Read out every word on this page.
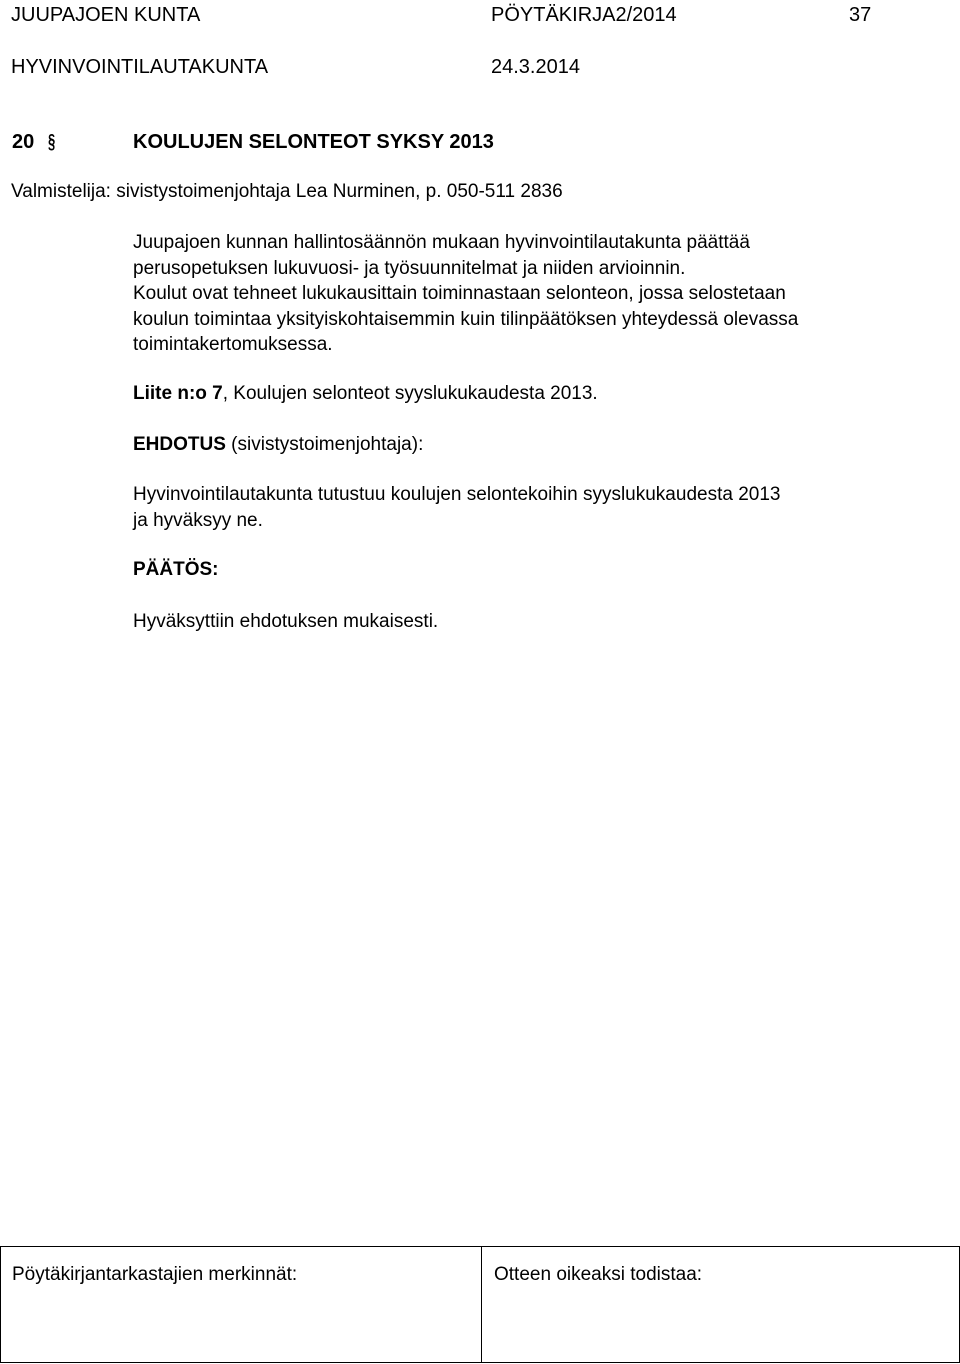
JUUPAJOEN KUNTA	PÖYTÄKIRJA2/2014	37
HYVINVOINTILAUTAKUNTA	24.3.2014
20 §	KOULUJEN SELONTEOT SYKSY 2013
Valmistelija: sivistystoimenjohtaja Lea Nurminen, p. 050-511 2836
Juupajoen kunnan hallintosäännön mukaan hyvinvointilautakunta päättää
perusopetuksen lukuvuosi- ja työsuunnitelmat ja niiden arvioinnin.
Koulut ovat tehneet lukukausittain toiminnastaan selonteon, jossa selostetaan
koulun toimintaa yksityiskohtaisemmin kuin tilinpäätöksen yhteydessä olevassa
toimintakertomuksessa.
Liite n:o 7, Koulujen selonteot syyslukukaudesta 2013.
EHDOTUS (sivistystoimenjohtaja):
Hyvinvointilautakunta tutustuu koulujen selontekoihin syyslukukaudesta 2013
ja hyväksyy ne.
PÄÄTÖS:
Hyväksyttiin ehdotuksen mukaisesti.
Pöytäkirjantarkastajien merkinnät:	Otteen oikeaksi todistaa:
